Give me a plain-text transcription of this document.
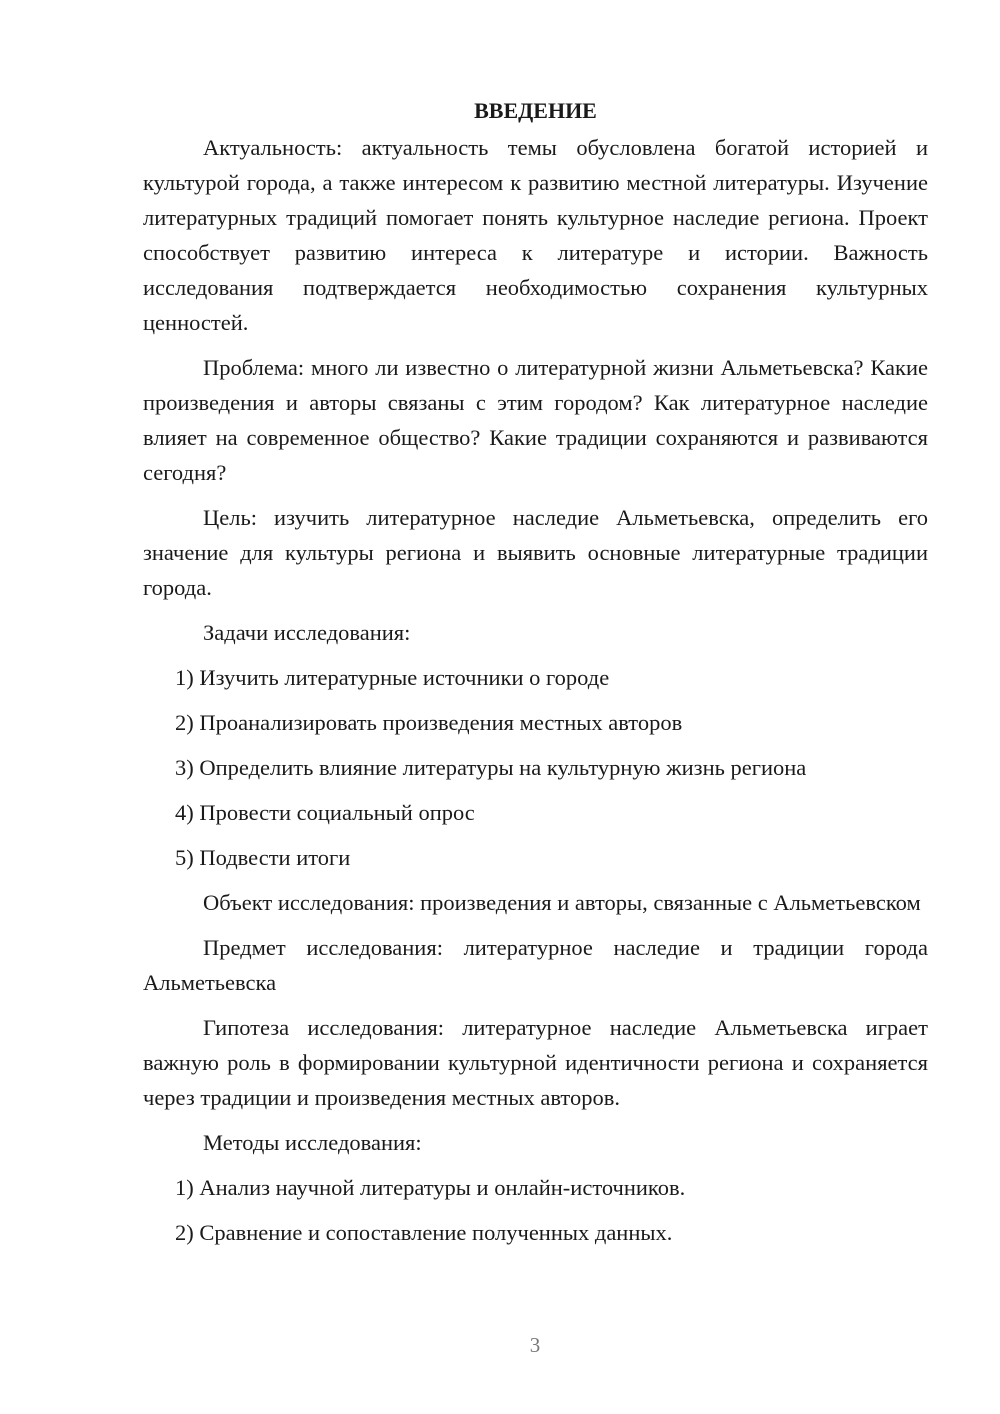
ВВЕДЕНИЕ

Актуальность: актуальность темы обусловлена богатой историей и культурой города, а также интересом к развитию местной литературы. Изучение литературных традиций помогает понять культурное наследие региона. Проект способствует развитию интереса к литературе и истории. Важность исследования подтверждается необходимостью сохранения культурных ценностей.

Проблема: много ли известно о литературной жизни Альметьевска? Какие произведения и авторы связаны с этим городом? Как литературное наследие влияет на современное общество? Какие традиции сохраняются и развиваются сегодня?

Цель: изучить литературное наследие Альметьевска, определить его значение для культуры региона и выявить основные литературные традиции города.

Задачи исследования:

1) Изучить литературные источники о городе

2) Проанализировать произведения местных авторов

3) Определить влияние литературы на культурную жизнь региона

4) Провести социальный опрос

5) Подвести итоги

Объект исследования: произведения и авторы, связанные с Альметьевском

Предмет исследования: литературное наследие и традиции города Альметьевска

Гипотеза исследования: литературное наследие Альметьевска играет важную роль в формировании культурной идентичности региона и сохраняется через традиции и произведения местных авторов.

Методы исследования:

1) Анализ научной литературы и онлайн-источников.

2) Сравнение и сопоставление полученных данных.

3
